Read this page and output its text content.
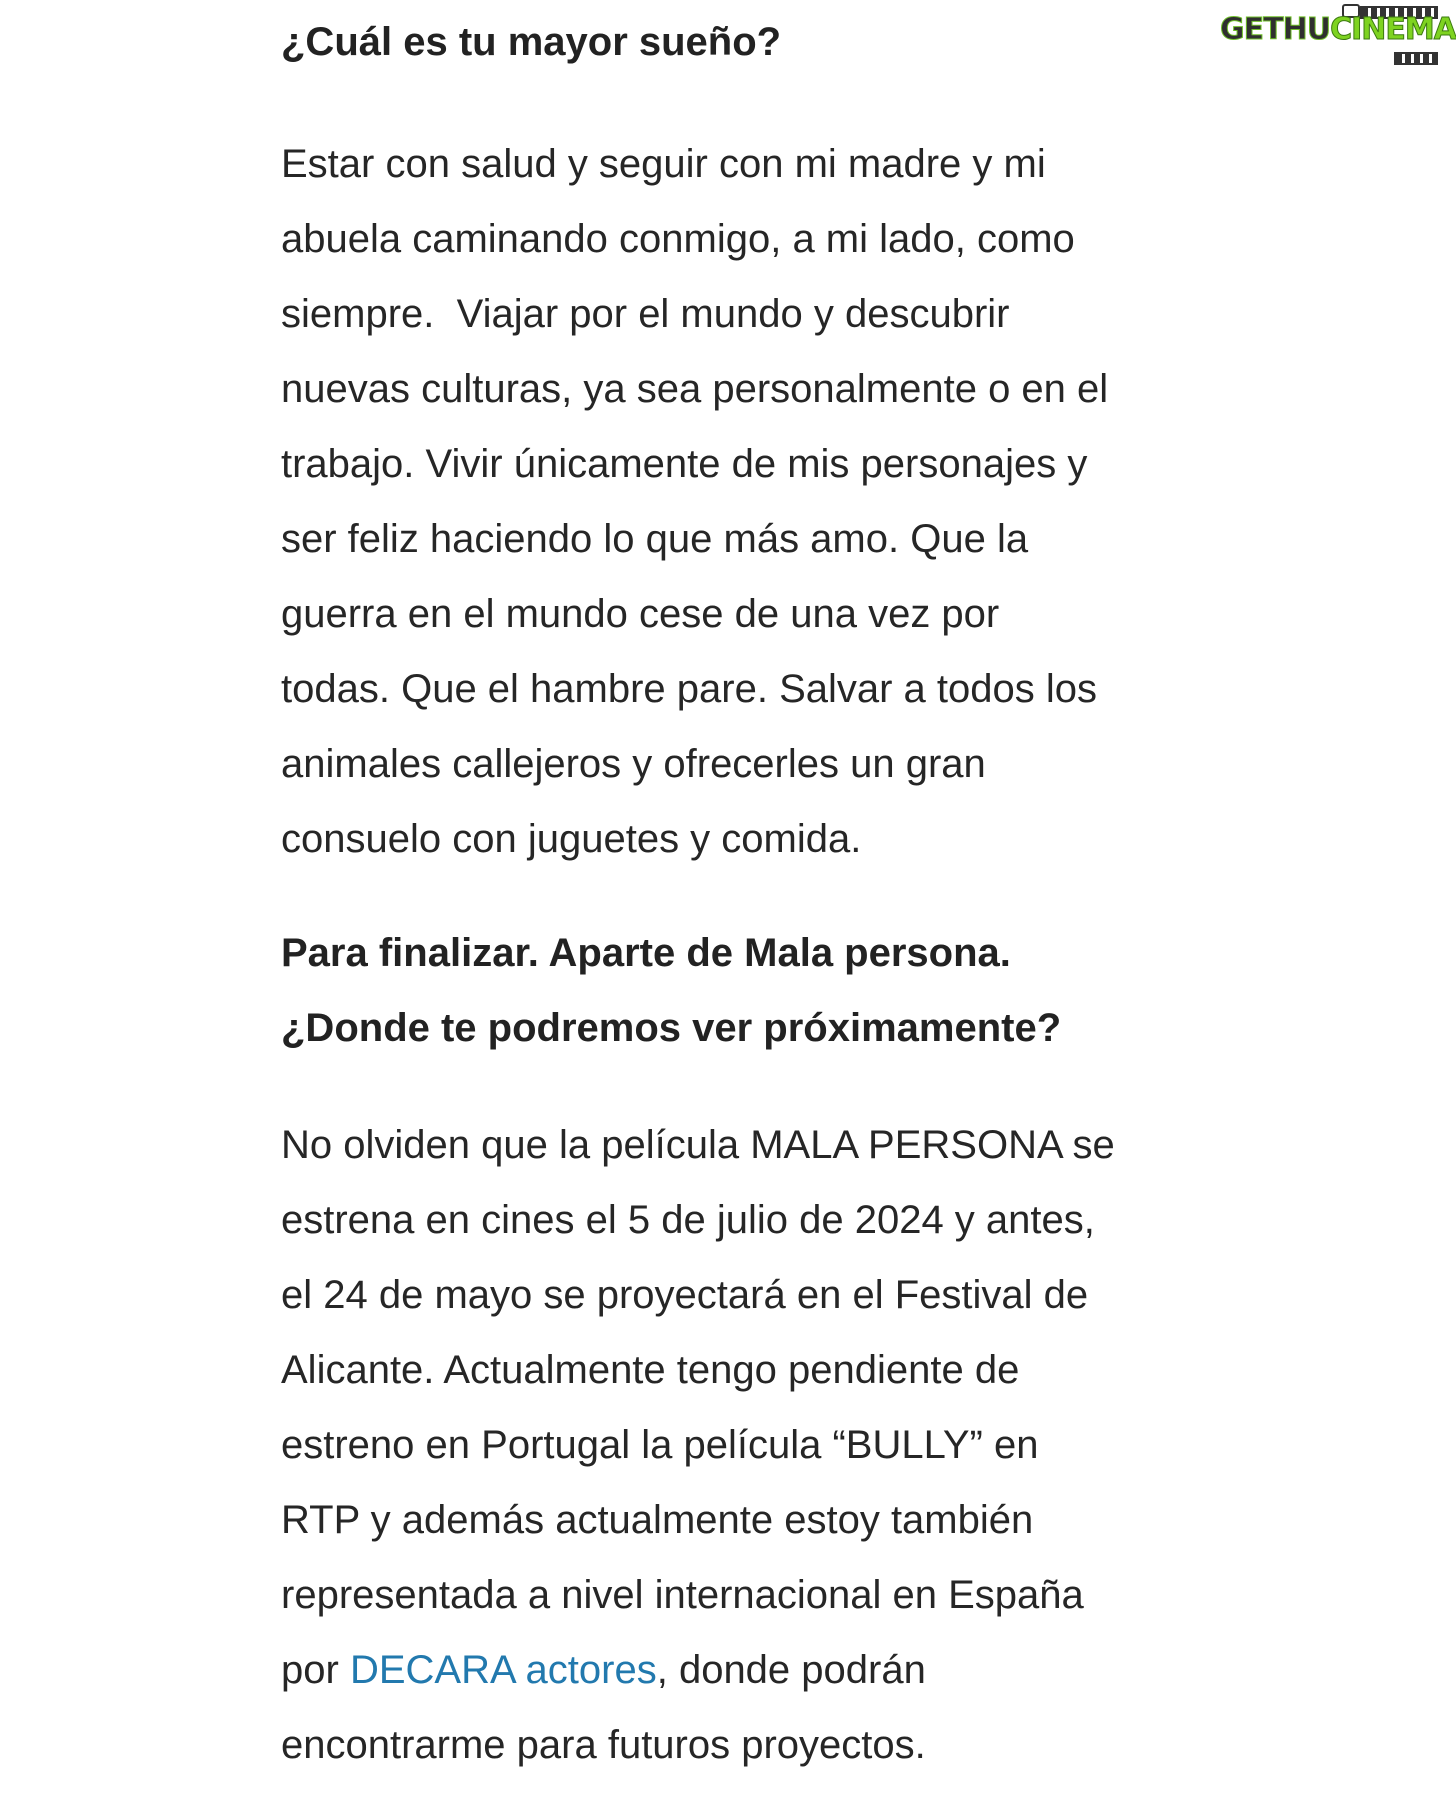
GETHUCINEMA
¿Cuál es tu mayor sueño?

Estar con salud y seguir con mi madre y mi
abuela caminando conmigo, a mi lado, como
siempre.  Viajar por el mundo y descubrir
nuevas culturas, ya sea personalmente o en el
trabajo. Vivir únicamente de mis personajes y
ser feliz haciendo lo que más amo. Que la
guerra en el mundo cese de una vez por
todas. Que el hambre pare. Salvar a todos los
animales callejeros y ofrecerles un gran
consuelo con juguetes y comida.

Para finalizar. Aparte de Mala persona.
¿Donde te podremos ver próximamente?

No olviden que la película MALA PERSONA se
estrena en cines el 5 de julio de 2024 y antes,
el 24 de mayo se proyectará en el Festival de
Alicante. Actualmente tengo pendiente de
estreno en Portugal la película “BULLY” en
RTP y además actualmente estoy también
representada a nivel internacional en España
por DECARA actores, donde podrán
encontrarme para futuros proyectos.
